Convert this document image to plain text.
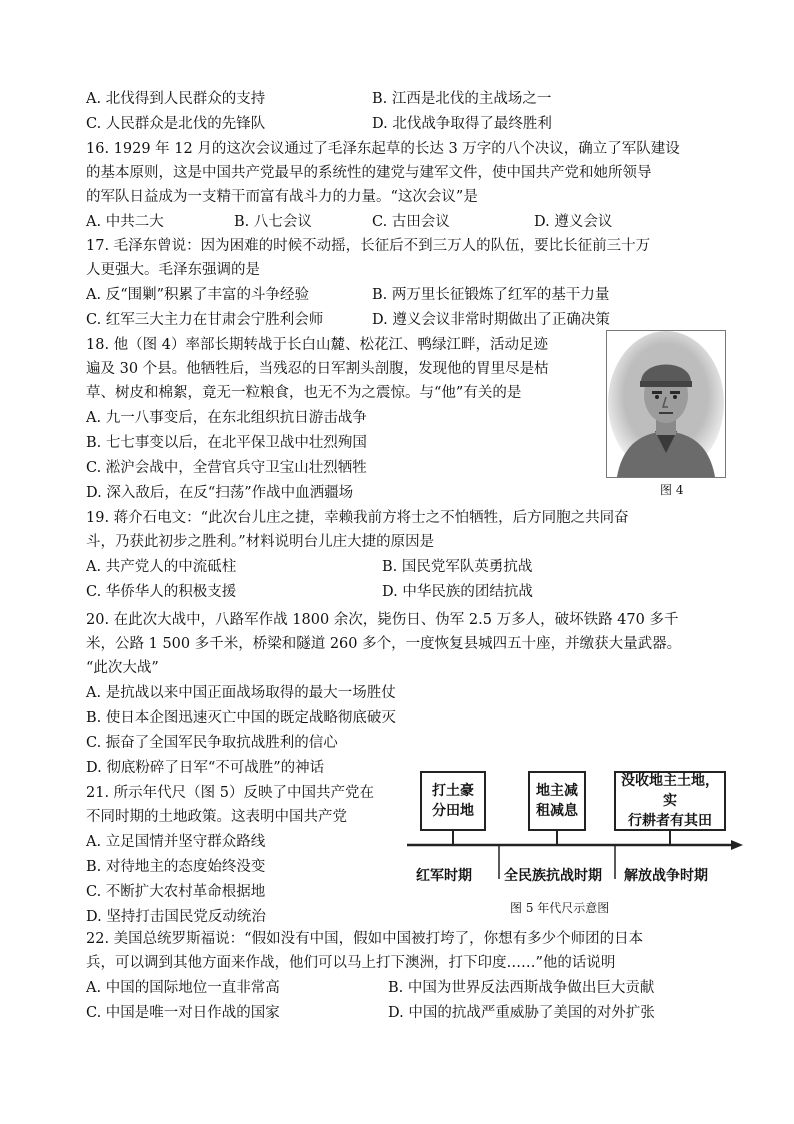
A. 北伐得到人民群众的支持	B. 江西是北伐的主战场之一
C. 人民群众是北伐的先锋队	D. 北伐战争取得了最终胜利
16. 1929 年 12 月的这次会议通过了毛泽东起草的长达 3 万字的八个决议，确立了军队建设
的基本原则，这是中国共产党最早的系统性的建党与建军文件，使中国共产党和她所领导
的军队日益成为一支精干而富有战斗力的力量。“这次会议”是
A. 中共二大	B. 八七会议	C. 古田会议	D. 遵义会议
17. 毛泽东曾说：因为困难的时候不动摇，长征后不到三万人的队伍，要比长征前三十万
人更强大。毛泽东强调的是
A. 反“围剿”积累了丰富的斗争经验	B. 两万里长征锻炼了红军的基干力量
C. 红军三大主力在甘肃会宁胜利会师	D. 遵义会议非常时期做出了正确决策
18. 他（图 4）率部长期转战于长白山麓、松花江、鸭绿江畔，活动足迹
遍及 30 个县。他牺牲后，当残忍的日军割头剖腹，发现他的胃里尽是枯
草、树皮和棉絮，竟无一粒粮食，也无不为之震惊。与“他”有关的是
A. 九一八事变后，在东北组织抗日游击战争
B. 七七事变以后，在北平保卫战中壮烈殉国
C. 淞沪会战中，全营官兵守卫宝山壮烈牺牲
D. 深入敌后，在反“扫荡”作战中血洒疆场	图 4
19. 蒋介石电文：“此次台儿庄之捷，幸赖我前方将士之不怕牺牲，后方同胞之共同奋
斗，乃获此初步之胜利。”材料说明台儿庄大捷的原因是
A. 共产党人的中流砥柱	B. 国民党军队英勇抗战
C. 华侨华人的积极支援	D. 中华民族的团结抗战
20. 在此次大战中，八路军作战 1800 余次，毙伤日、伪军 2.5 万多人，破坏铁路 470 多千
米，公路 1 500 多千米，桥梁和隧道 260 多个，一度恢复县城四五十座，并缴获大量武器。
“此次大战”
A. 是抗战以来中国正面战场取得的最大一场胜仗
B. 使日本企图迅速灭亡中国的既定战略彻底破灭
C. 振奋了全国军民争取抗战胜利的信心
D. 彻底粉碎了日军“不可战胜”的神话
21. 所示年代尺（图 5）反映了中国共产党在
不同时期的土地政策。这表明中国共产党
A. 立足国情并坚守群众路线
B. 对待地主的态度始终没变
C. 不断扩大农村革命根据地
D. 坚持打击国民党反动统治
打土豪
分田地
地主减
租减息
没收地主土地，实
行耕者有其田
红军时期 全民族抗战时期 解放战争时期
图 5 年代尺示意图
22. 美国总统罗斯福说：“假如没有中国，假如中国被打垮了，你想有多少个师团的日本
兵，可以调到其他方面来作战，他们可以马上打下澳洲，打下印度……”他的话说明
A. 中国的国际地位一直非常高	B. 中国为世界反法西斯战争做出巨大贡献
C. 中国是唯一对日作战的国家	D. 中国的抗战严重威胁了美国的对外扩张
